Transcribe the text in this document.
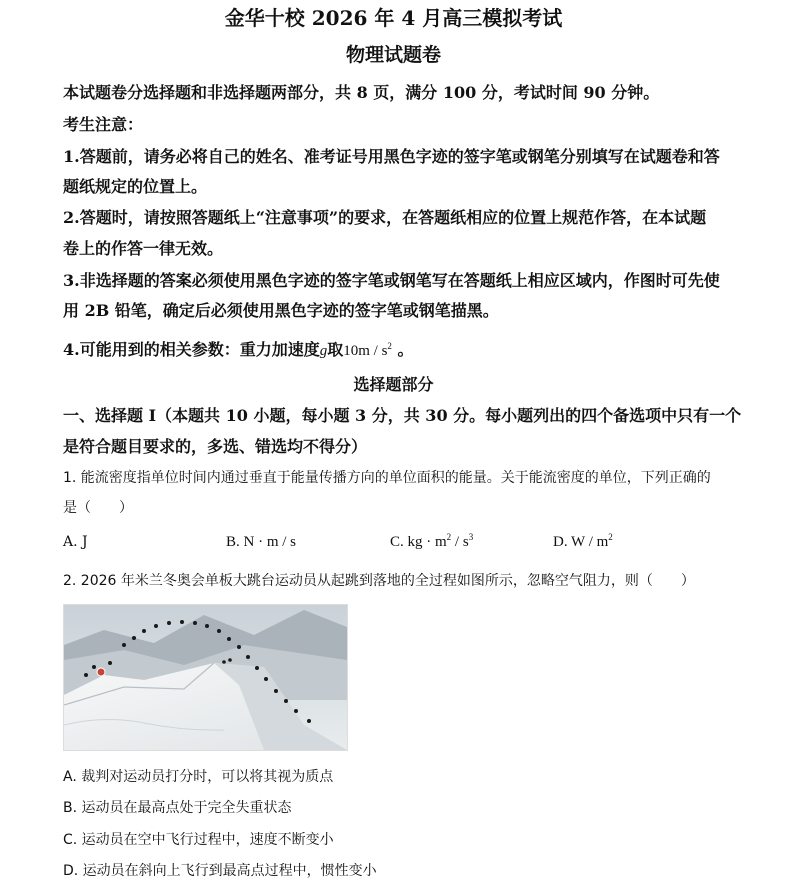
金华十校 2026 年 4 月高三模拟考试
物理试题卷
本试题卷分选择题和非选择题两部分，共 8 页，满分 100 分，考试时间 90 分钟。
考生注意：
1.答题前，请务必将自己的姓名、准考证号用黑色字迹的签字笔或钢笔分别填写在试题卷和答
题纸规定的位置上。
2.答题时，请按照答题纸上“注意事项”的要求，在答题纸相应的位置上规范作答，在本试题
卷上的作答一律无效。
3.非选择题的答案必须使用黑色字迹的签字笔或钢笔写在答题纸上相应区域内，作图时可先使
用 2B 铅笔，确定后必须使用黑色字迹的签字笔或钢笔描黑。
4.可能用到的相关参数：重力加速度g取$10m / s^2$ 。
选择题部分
一、选择题 I（本题共 10 小题，每小题 3 分，共 30 分。每小题列出的四个备选项中只有一个
是符合题目要求的，多选、错选均不得分）
1. 能流密度指单位时间内通过垂直于能量传播方向的单位面积的能量。关于能流密度的单位，下列正确的
是（　　）
A. J	B. N · m / s	C. kg · $m^2 / s^3$	D. W / $m^2$
2. 2026 年米兰冬奥会单板大跳台运动员从起跳到落地的全过程如图所示，忽略空气阻力，则（　　）
A. 裁判对运动员打分时，可以将其视为质点
B. 运动员在最高点处于完全失重状态
C. 运动员在空中飞行过程中，速度不断变小
D. 运动员在斜向上飞行到最高点过程中，惯性变小
